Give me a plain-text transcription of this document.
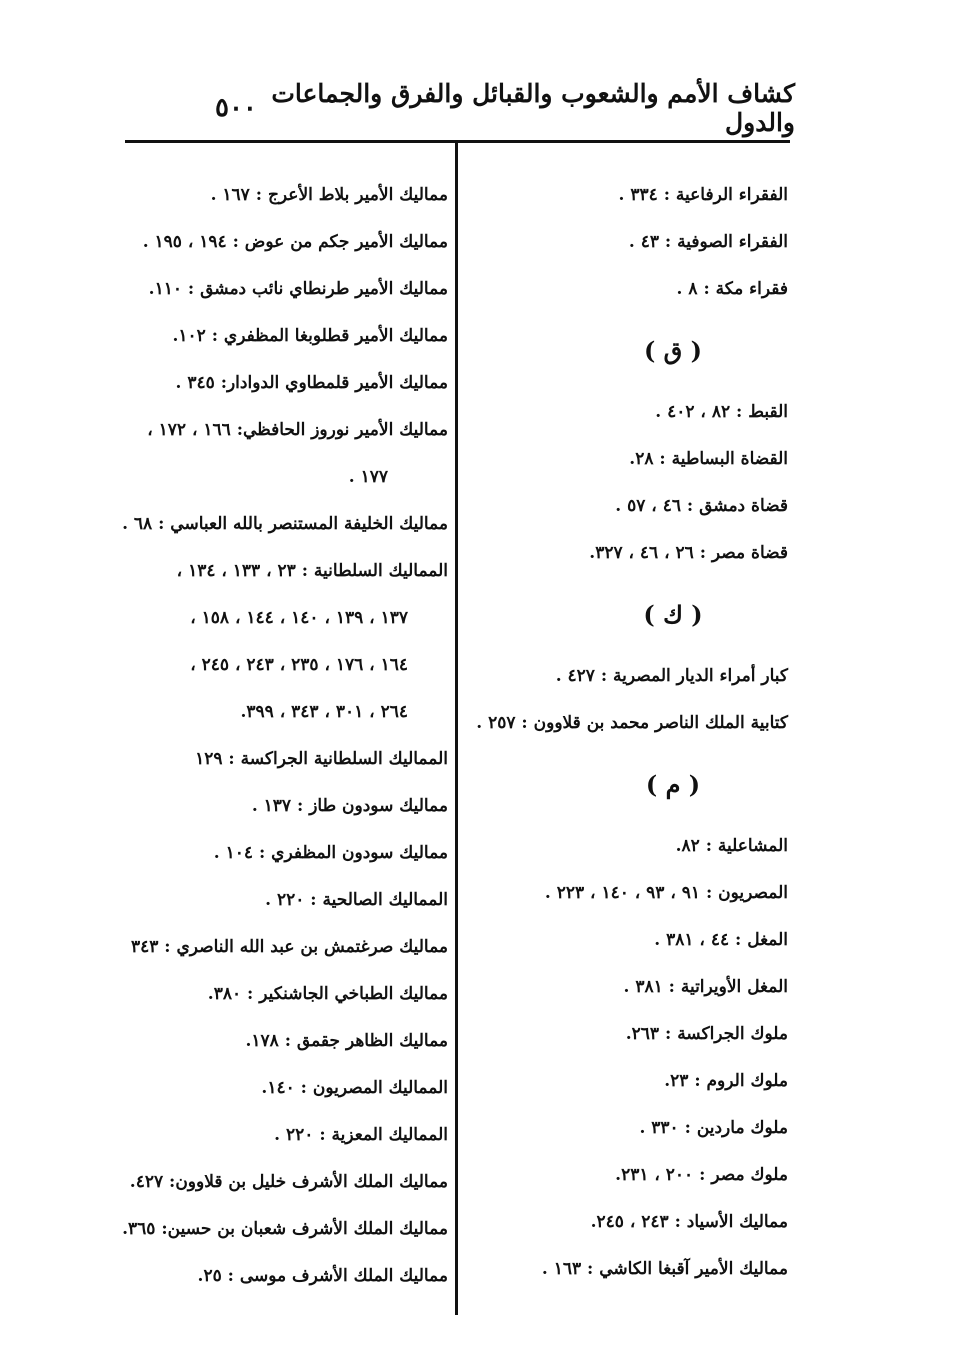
كشاف الأمم والشعوب والقبائل والفرق والجماعات والدول
٥٠٠
الفقراء الرفاعية : ٣٣٤ .
الفقراء الصوفية : ٤٣ .
فقراء مكة : ٨ .
( ق )
القبط : ٨٢ ، ٤٠٢ .
القضاة البساطية : ٢٨.
قضاة دمشق : ٤٦ ، ٥٧ .
قضاة مصر : ٢٦ ، ٤٦ ، ٣٢٧.
( ك )
كبار أمراء الديار المصرية : ٤٢٧ .
كتابية الملك الناصر محمد بن قلاوون : ٢٥٧ .
( م )
المشاعلية : ٨٢.
المصريون : ٩١ ، ٩٣ ، ١٤٠ ، ٢٢٣ .
المغل : ٤٤ ، ٣٨١ .
المغل الأويراتية : ٣٨١ .
ملوك الجراكسة : ٢٦٣.
ملوك الروم : ٢٣.
ملوك ماردين : ٣٣٠ .
ملوك مصر : ٢٠٠ ، ٢٣١.
مماليك الأسياد : ٢٤٣ ، ٢٤٥.
مماليك الأمير آقبغا الكاشي : ١٦٣ .
مماليك الأمير بلاط الأعرج : ١٦٧ .
مماليك الأمير جكم من عوض : ١٩٤ ، ١٩٥ .
مماليك الأمير طرنطاي نائب دمشق : ١١٠.
مماليك الأمير قطلوبغا المظفري : ١٠٢.
مماليك الأمير قلمطاوي الدوادار: ٣٤٥ .
مماليك الأمير نوروز الحافظي: ١٦٦ ، ١٧٢ ،
١٧٧ .
مماليك الخليفة المستنصر بالله العباسي : ٦٨ .
المماليك السلطانية : ٢٣ ، ١٣٣ ، ١٣٤ ،
١٣٧ ، ١٣٩ ، ١٤٠ ، ١٤٤ ، ١٥٨ ،
١٦٤ ، ١٧٦ ، ٢٣٥ ، ٢٤٣ ، ٢٤٥ ،
٢٦٤ ، ٣٠١ ، ٣٤٣ ، ٣٩٩.
المماليك السلطانية الجراكسة : ١٢٩
مماليك سودون طاز : ١٣٧ .
مماليك سودون المظفري : ١٠٤ .
المماليك الصالحية : ٢٢٠ .
مماليك صرغتمش بن عبد الله الناصري : ٣٤٣
مماليك الطباخي الجاشنكير : ٣٨٠.
مماليك الظاهر جقمق : ١٧٨.
المماليك المصريون : ١٤٠.
المماليك المعزية : ٢٢٠ .
مماليك الملك الأشرف خليل بن قلاوون: ٤٢٧.
مماليك الملك الأشرف شعبان بن حسين: ٣٦٥.
مماليك الملك الأشرف موسى : ٢٥.
